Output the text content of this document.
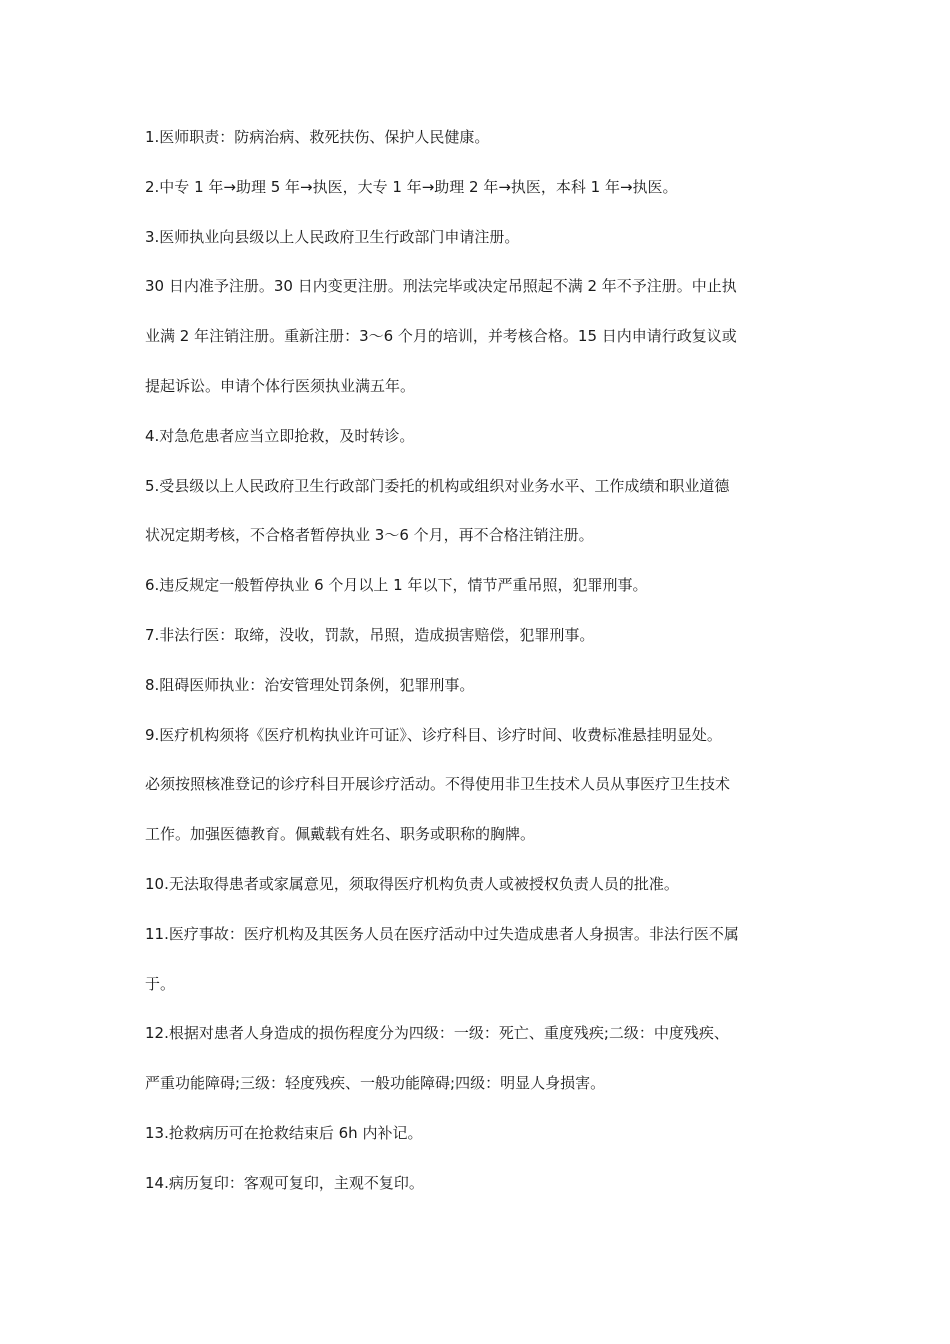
1.医师职责：防病治病、救死扶伤、保护人民健康。
2.中专 1 年→助理 5 年→执医，大专 1 年→助理 2 年→执医，本科 1 年→执医。
3.医师执业向县级以上人民政府卫生行政部门申请注册。
30 日内准予注册。30 日内变更注册。刑法完毕或决定吊照起不满 2 年不予注册。中止执
业满 2 年注销注册。重新注册：3～6 个月的培训，并考核合格。15 日内申请行政复议或
提起诉讼。申请个体行医须执业满五年。
4.对急危患者应当立即抢救，及时转诊。
5.受县级以上人民政府卫生行政部门委托的机构或组织对业务水平、工作成绩和职业道德
状况定期考核，不合格者暂停执业 3～6 个月，再不合格注销注册。
6.违反规定一般暂停执业 6 个月以上 1 年以下，情节严重吊照，犯罪刑事。
7.非法行医：取缔，没收，罚款，吊照，造成损害赔偿，犯罪刑事。
8.阻碍医师执业：治安管理处罚条例，犯罪刑事。
9.医疗机构须将《医疗机构执业许可证》、诊疗科目、诊疗时间、收费标准悬挂明显处。
必须按照核准登记的诊疗科目开展诊疗活动。不得使用非卫生技术人员从事医疗卫生技术
工作。加强医德教育。佩戴载有姓名、职务或职称的胸牌。
10.无法取得患者或家属意见，须取得医疗机构负责人或被授权负责人员的批准。
11.医疗事故：医疗机构及其医务人员在医疗活动中过失造成患者人身损害。非法行医不属
于。
12.根据对患者人身造成的损伤程度分为四级：一级：死亡、重度残疾;二级：中度残疾、
严重功能障碍;三级：轻度残疾、一般功能障碍;四级：明显人身损害。
13.抢救病历可在抢救结束后 6h 内补记。
14.病历复印：客观可复印，主观不复印。
